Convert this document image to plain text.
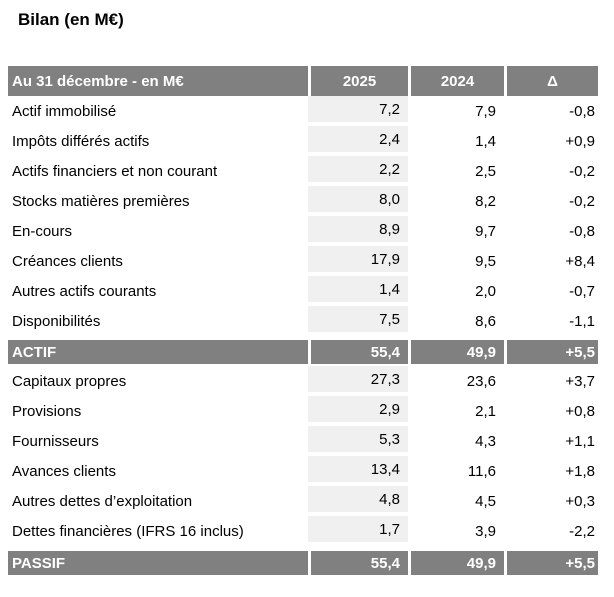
Bilan (en M€)
Au 31 décembre - en M€	2025	2024	Δ
Actif immobilisé	7,2	7,9	-0,8
Impôts différés actifs	2,4	1,4	+0,9
Actifs financiers et non courant	2,2	2,5	-0,2
Stocks matières premières	8,0	8,2	-0,2
En-cours	8,9	9,7	-0,8
Créances clients	17,9	9,5	+8,4
Autres actifs courants	1,4	2,0	-0,7
Disponibilités	7,5	8,6	-1,1
ACTIF	55,4	49,9	+5,5
Capitaux propres	27,3	23,6	+3,7
Provisions	2,9	2,1	+0,8
Fournisseurs	5,3	4,3	+1,1
Avances clients	13,4	11,6	+1,8
Autres dettes d’exploitation	4,8	4,5	+0,3
Dettes financières (IFRS 16 inclus)	1,7	3,9	-2,2
PASSIF	55,4	49,9	+5,5
